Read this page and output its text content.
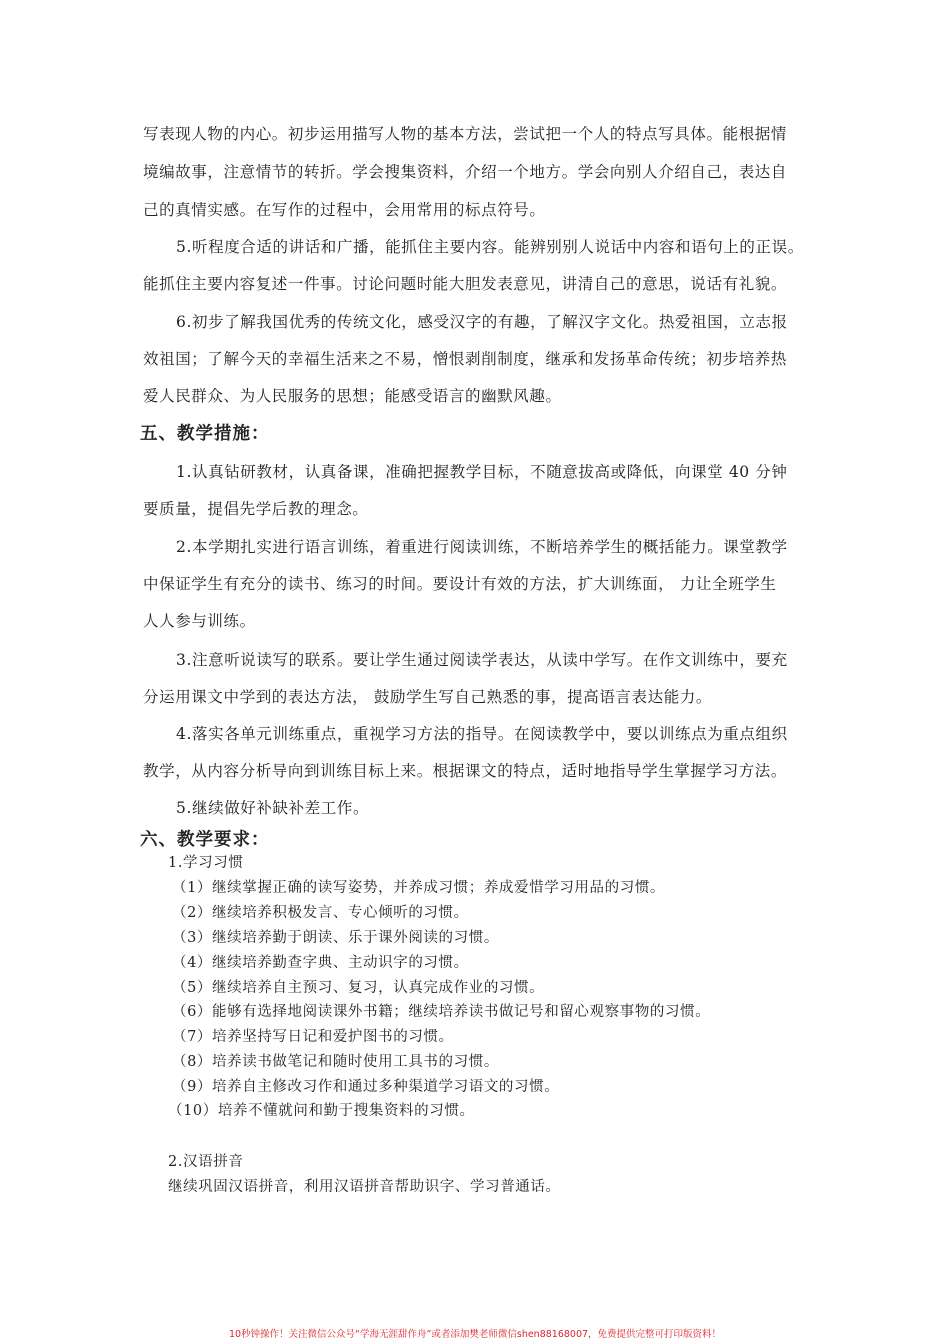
写表现人物的内心。初步运用描写人物的基本方法，尝试把一个人的特点写具体。能根据情
境编故事，注意情节的转折。学会搜集资料，介绍一个地方。学会向别人介绍自己，表达自
己的真情实感。在写作的过程中，会用常用的标点符号。
5.听程度合适的讲话和广播，能抓住主要内容。能辨别别人说话中内容和语句上的正误。
能抓住主要内容复述一件事。讨论问题时能大胆发表意见，讲清自己的意思，说话有礼貌。
6.初步了解我国优秀的传统文化，感受汉字的有趣，了解汉字文化。热爱祖国，立志报
效祖国；了解今天的幸福生活来之不易，憎恨剥削制度，继承和发扬革命传统；初步培养热
爱人民群众、为人民服务的思想；能感受语言的幽默风趣。
五、教学措施：
1.认真钻研教材，认真备课，准确把握教学目标，不随意拔高或降低，向课堂 40 分钟
要质量，提倡先学后教的理念。
2.本学期扎实进行语言训练，着重进行阅读训练，不断培养学生的概括能力。课堂教学
中保证学生有充分的读书、练习的时间。要设计有效的方法，扩大训练面， 力让全班学生
人人参与训练。
3.注意听说读写的联系。要让学生通过阅读学表达，从读中学写。在作文训练中，要充
分运用课文中学到的表达方法， 鼓励学生写自己熟悉的事，提高语言表达能力。
4.落实各单元训练重点，重视学习方法的指导。在阅读教学中，要以训练点为重点组织
教学，从内容分析导向到训练目标上来。根据课文的特点，适时地指导学生掌握学习方法。
5.继续做好补缺补差工作。
六、教学要求：
1.学习习惯
（1）继续掌握正确的读写姿势，并养成习惯；养成爱惜学习用品的习惯。
（2）继续培养积极发言、专心倾听的习惯。
（3）继续培养勤于朗读、乐于课外阅读的习惯。
（4）继续培养勤查字典、主动识字的习惯。
（5）继续培养自主预习、复习，认真完成作业的习惯。
（6）能够有选择地阅读课外书籍；继续培养读书做记号和留心观察事物的习惯。
（7）培养坚持写日记和爱护图书的习惯。
（8）培养读书做笔记和随时使用工具书的习惯。
（9）培养自主修改习作和通过多种渠道学习语文的习惯。
（10）培养不懂就问和勤于搜集资料的习惯。
2.汉语拼音
继续巩固汉语拼音，利用汉语拼音帮助识字、学习普通话。
10秒钟操作！关注微信公众号“学海无涯甜作舟”或者添加樊老师微信shen88168007，免费提供完整可打印版资料！
